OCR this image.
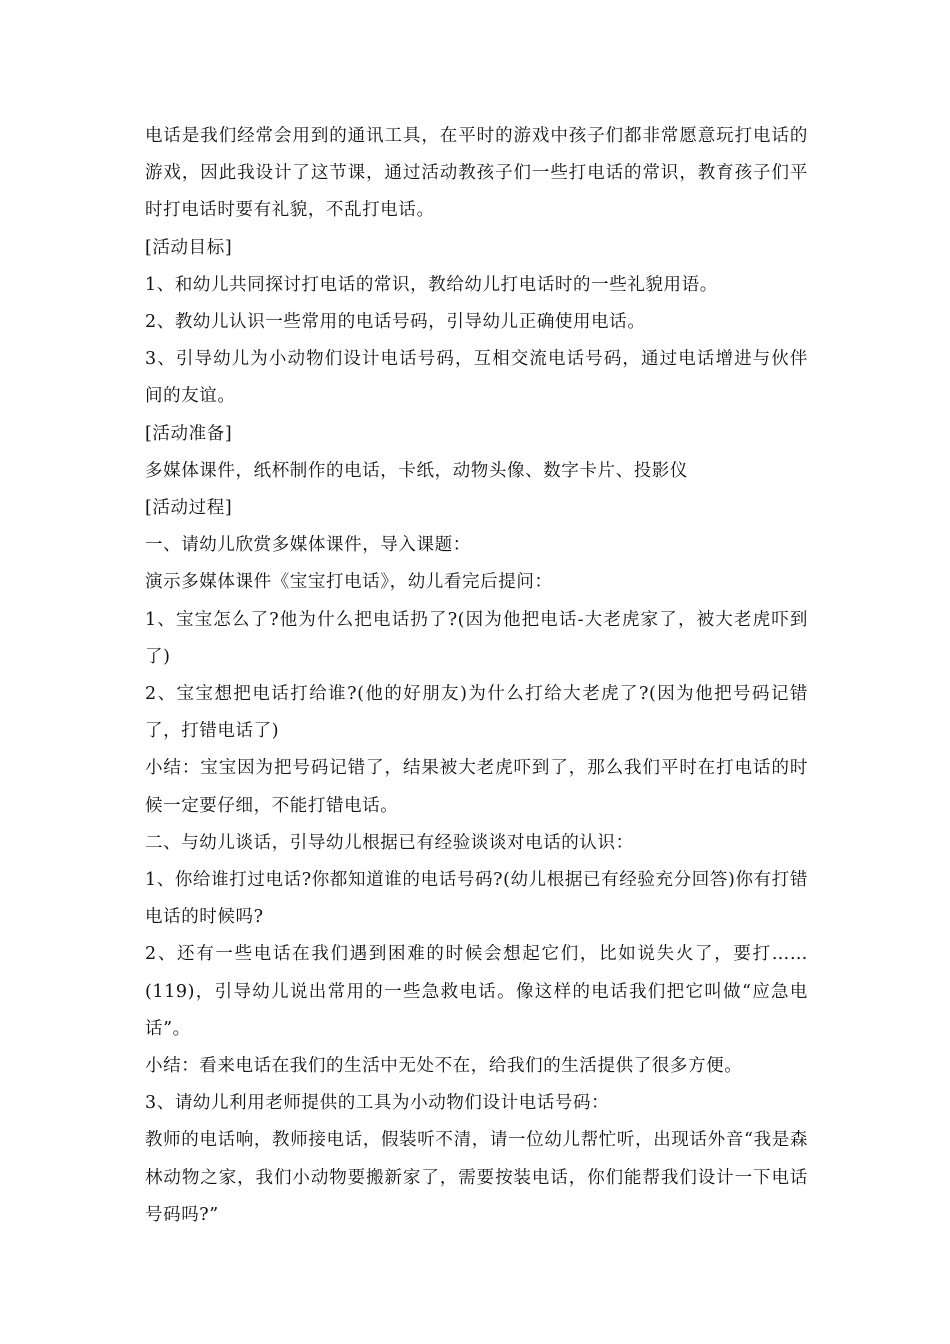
电话是我们经常会用到的通讯工具，在平时的游戏中孩子们都非常愿意玩打电话的游戏，因此我设计了这节课，通过活动教孩子们一些打电话的常识，教育孩子们平时打电话时要有礼貌，不乱打电话。

[活动目标]

1、和幼儿共同探讨打电话的常识，教给幼儿打电话时的一些礼貌用语。

2、教幼儿认识一些常用的电话号码，引导幼儿正确使用电话。

3、引导幼儿为小动物们设计电话号码，互相交流电话号码，通过电话增进与伙伴间的友谊。

[活动准备]

多媒体课件，纸杯制作的电话，卡纸，动物头像、数字卡片、投影仪

[活动过程]

一、请幼儿欣赏多媒体课件，导入课题：

演示多媒体课件《宝宝打电话》，幼儿看完后提问：

1、宝宝怎么了?他为什么把电话扔了?(因为他把电话-大老虎家了，被大老虎吓到了)

2、宝宝想把电话打给谁?(他的好朋友)为什么打给大老虎了?(因为他把号码记错了，打错电话了)

小结：宝宝因为把号码记错了，结果被大老虎吓到了，那么我们平时在打电话的时候一定要仔细，不能打错电话。

二、与幼儿谈话，引导幼儿根据已有经验谈谈对电话的认识：

1、你给谁打过电话?你都知道谁的电话号码?(幼儿根据已有经验充分回答)你有打错电话的时候吗?

2、还有一些电话在我们遇到困难的时候会想起它们，比如说失火了，要打……(119)，引导幼儿说出常用的一些急救电话。像这样的电话我们把它叫做“应急电话”。

小结：看来电话在我们的生活中无处不在，给我们的生活提供了很多方便。

3、请幼儿利用老师提供的工具为小动物们设计电话号码：

教师的电话响，教师接电话，假装听不清，请一位幼儿帮忙听，出现话外音“我是森林动物之家，我们小动物要搬新家了，需要按装电话，你们能帮我们设计一下电话号码吗?”
